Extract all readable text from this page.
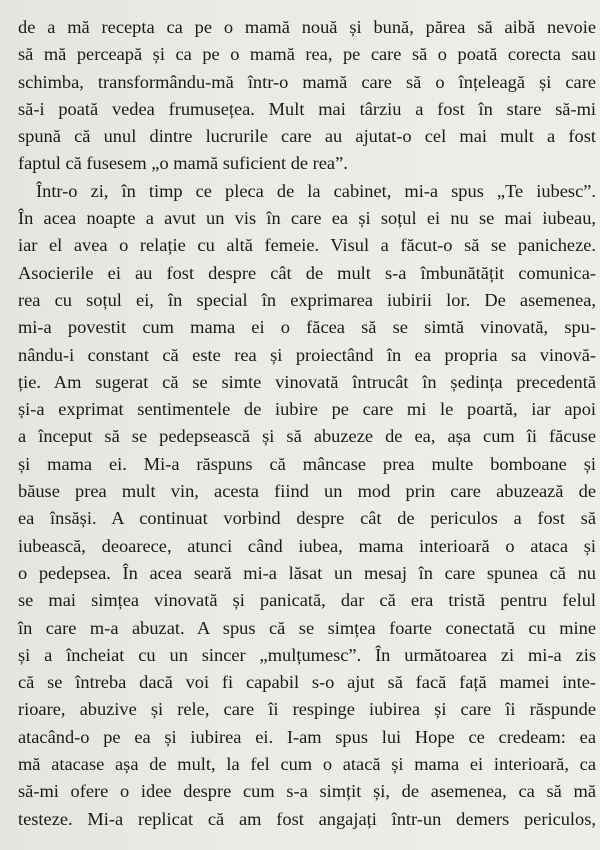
de a mă recepta ca pe o mamă nouă și bună, părea să aibă nevoie
să mă perceapă și ca pe o mamă rea, pe care să o poată corecta sau
schimba, transformându-mă într-o mamă care să o înțeleagă și care
să-i poată vedea frumusețea. Mult mai târziu a fost în stare să-mi
spună că unul dintre lucrurile care au ajutat-o cel mai mult a fost
faptul că fusesem „o mamă suficient de rea”.
Într-o zi, în timp ce pleca de la cabinet, mi-a spus „Te iubesc”.
În acea noapte a avut un vis în care ea și soțul ei nu se mai iubeau,
iar el avea o relație cu altă femeie. Visul a făcut-o să se panicheze.
Asocierile ei au fost despre cât de mult s-a îmbunătățit comunica-
rea cu soțul ei, în special în exprimarea iubirii lor. De asemenea,
mi-a povestit cum mama ei o făcea să se simtă vinovată, spu-
nându-i constant că este rea și proiectând în ea propria sa vinovă-
ție. Am sugerat că se simte vinovată întrucât în ședința precedentă
și-a exprimat sentimentele de iubire pe care mi le poartă, iar apoi
a început să se pedepsească și să abuzeze de ea, așa cum îi făcuse
și mama ei. Mi-a răspuns că mâncase prea multe bomboane și
băuse prea mult vin, acesta fiind un mod prin care abuzează de
ea însăși. A continuat vorbind despre cât de periculos a fost să
iubească, deoarece, atunci când iubea, mama interioară o ataca și
o pedepsea. În acea seară mi-a lăsat un mesaj în care spunea că nu
se mai simțea vinovată și panicată, dar că era tristă pentru felul
în care m-a abuzat. A spus că se simțea foarte conectată cu mine
și a încheiat cu un sincer „mulțumesc”. În următoarea zi mi-a zis
că se întreba dacă voi fi capabil s-o ajut să facă față mamei inte-
rioare, abuzive și rele, care îi respinge iubirea și care îi răspunde
atacând-o pe ea și iubirea ei. I-am spus lui Hope ce credeam: ea
mă atacase așa de mult, la fel cum o atacă și mama ei interioară, ca
să-mi ofere o idee despre cum s-a simțit și, de asemenea, ca să mă
testeze. Mi-a replicat că am fost angajați într-un demers periculos,
